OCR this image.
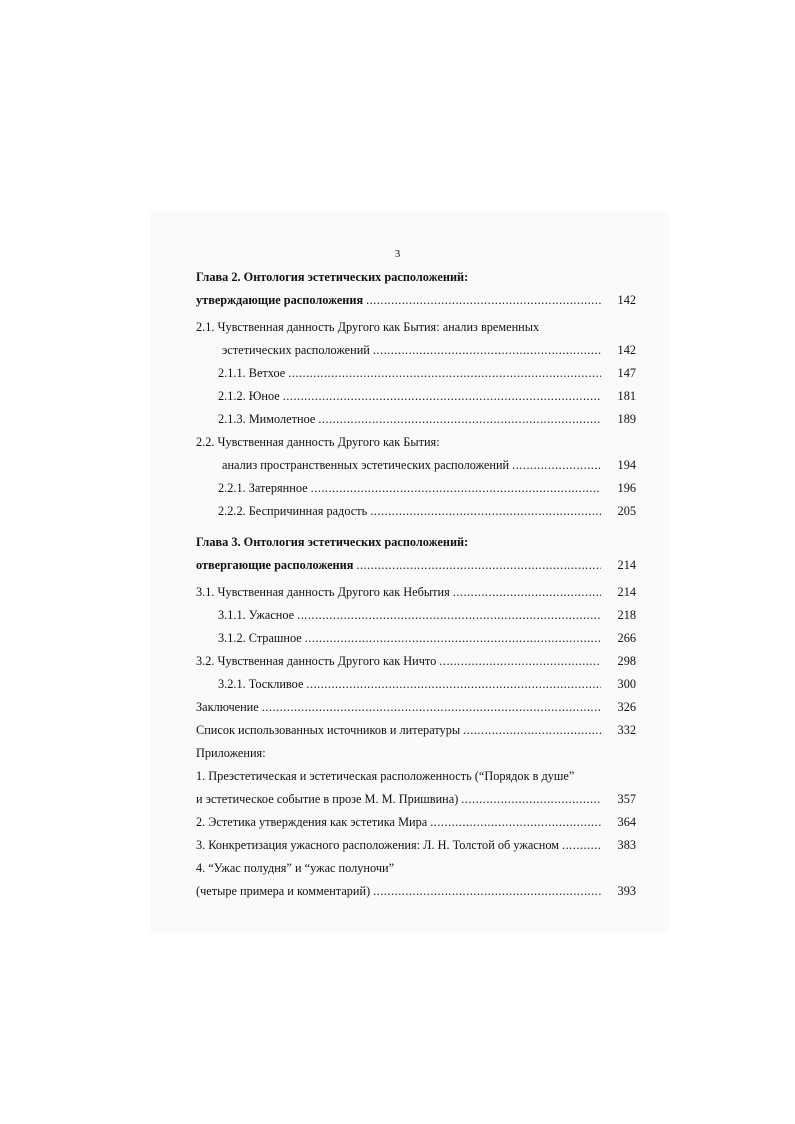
3
Глава 2. Онтология эстетических расположений:
утверждающие расположения .....	142
2.1. Чувственная данность Другого как Бытия: анализ временных
эстетических расположений .....	142
2.1.1. Ветхое .....	147
2.1.2. Юное .....	181
2.1.3. Мимолетное .....	189
2.2. Чувственная данность Другого как Бытия:
анализ пространственных эстетических расположений .....	194
2.2.1. Затерянное .....	196
2.2.2. Беспричинная радость .....	205
Глава 3. Онтология эстетических расположений:
отвергающие расположения .....	214
3.1. Чувственная данность Другого как Небытия .....	214
3.1.1. Ужасное .....	218
3.1.2. Страшное .....	266
3.2. Чувственная данность Другого как Ничто .....	298
3.2.1. Тоскливое .....	300
Заключение .....	326
Список использованных источников и литературы .....	332
Приложения:
1. Преэстетическая и эстетическая расположенность (“Порядок в душе”
и эстетическое событие в прозе М. М. Пришвина) .....	357
2. Эстетика утверждения как эстетика Мира .....	364
3. Конкретизация ужасного расположения: Л. Н. Толстой об ужасном .....	383
4. “Ужас полудня” и “ужас полуночи”
(четыре примера и комментарий) .....	393
